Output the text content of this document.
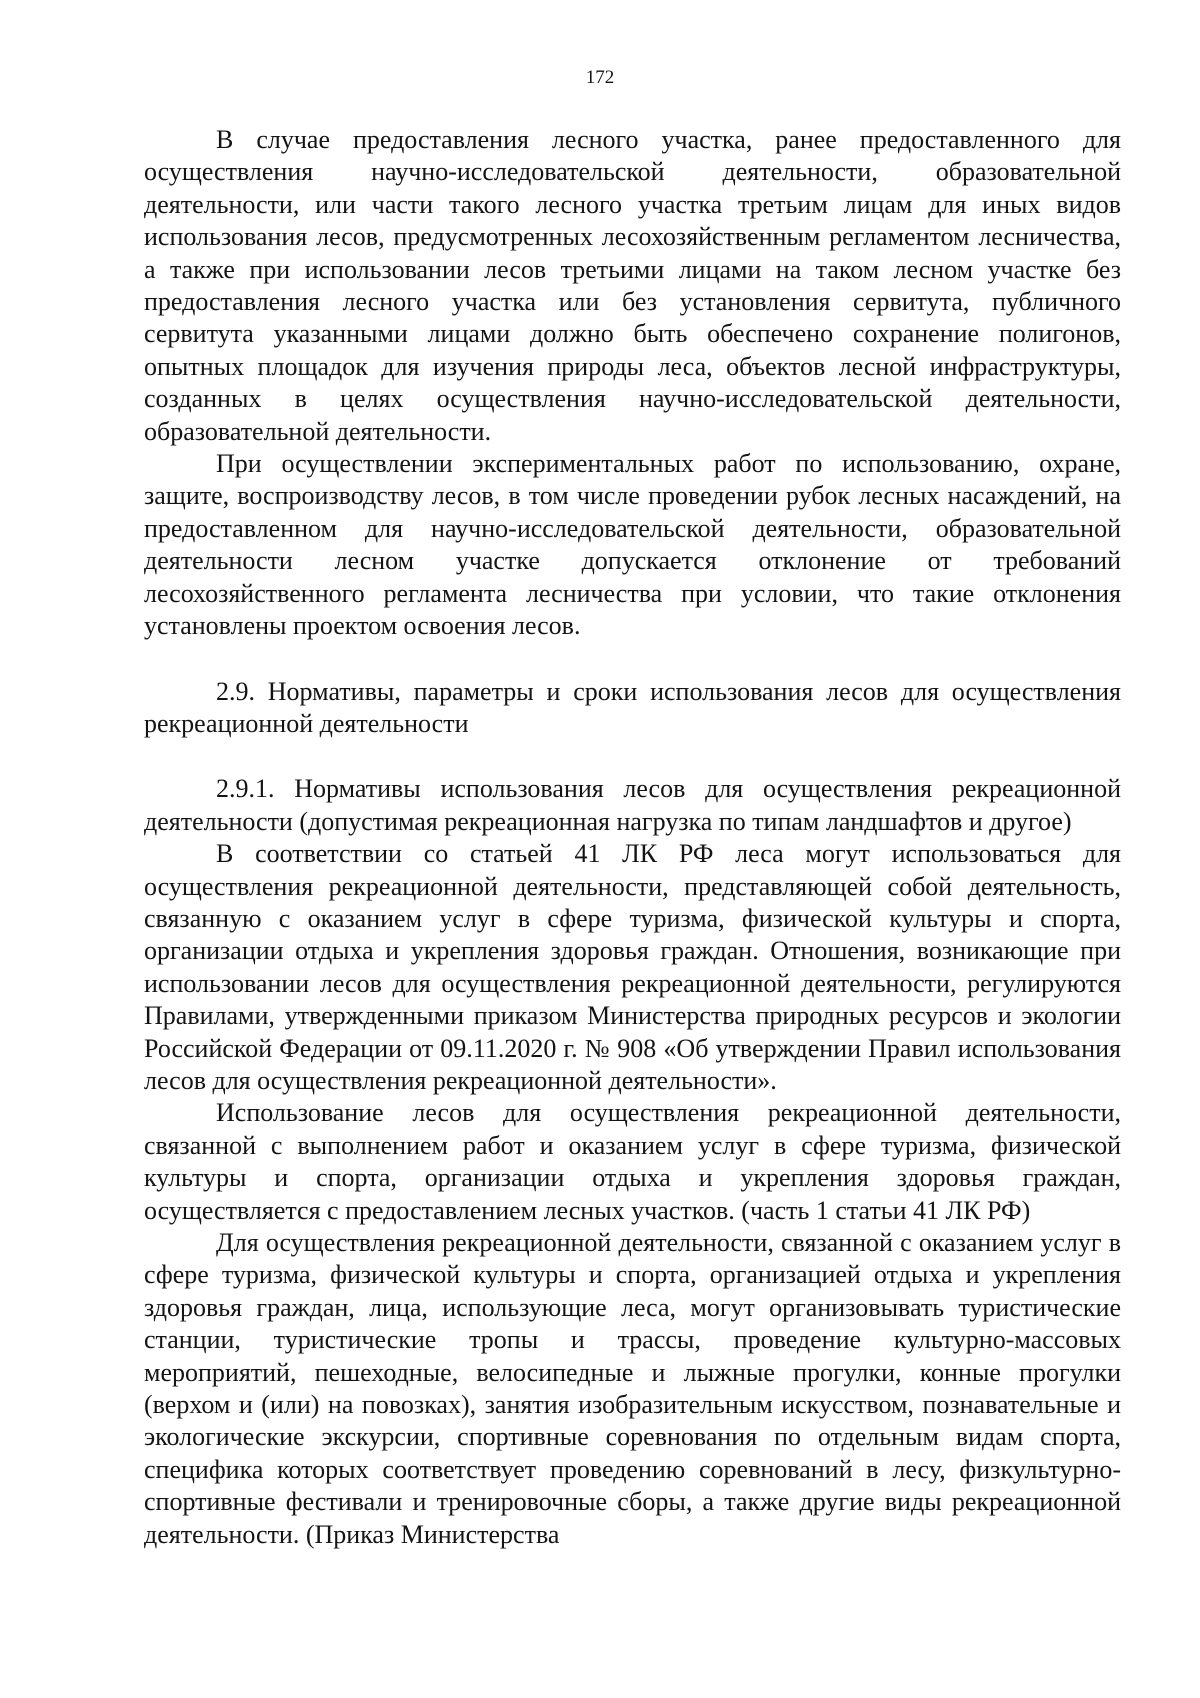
172

В случае предоставления лесного участка, ранее предоставленного для осуществления научно-исследовательской деятельности, образовательной деятельности, или части такого лесного участка третьим лицам для иных видов использования лесов, предусмотренных лесохозяйственным регламентом лесничества, а также при использовании лесов третьими лицами на таком лесном участке без предоставления лесного участка или без установления сервитута, публичного сервитута указанными лицами должно быть обеспечено сохранение полигонов, опытных площадок для изучения природы леса, объектов лесной инфраструктуры, созданных в целях осуществления научно-исследовательской деятельности, образовательной деятельности.

При осуществлении экспериментальных работ по использованию, охране, защите, воспроизводству лесов, в том числе проведении рубок лесных насаждений, на предоставленном для научно-исследовательской деятельности, образовательной деятельности лесном участке допускается отклонение от требований лесохозяйственного регламента лесничества при условии, что такие отклонения установлены проектом освоения лесов.

2.9. Нормативы, параметры и сроки использования лесов для осуществления рекреационной деятельности

2.9.1. Нормативы использования лесов для осуществления рекреационной деятельности (допустимая рекреационная нагрузка по типам ландшафтов и другое)

В соответствии со статьей 41 ЛК РФ леса могут использоваться для осуществления рекреационной деятельности, представляющей собой деятельность, связанную с оказанием услуг в сфере туризма, физической культуры и спорта, организации отдыха и укрепления здоровья граждан. Отношения, возникающие при использовании лесов для осуществления рекреационной деятельности, регулируются Правилами, утвержденными приказом Министерства природных ресурсов и экологии Российской Федерации от 09.11.2020 г. № 908 «Об утверждении Правил использования лесов для осуществления рекреационной деятельности».

Использование лесов для осуществления рекреационной деятельности, связанной с выполнением работ и оказанием услуг в сфере туризма, физической культуры и спорта, организации отдыха и укрепления здоровья граждан, осуществляется с предоставлением лесных участков. (часть 1 статьи 41 ЛК РФ)

Для осуществления рекреационной деятельности, связанной с оказанием услуг в сфере туризма, физической культуры и спорта, организацией отдыха и укрепления здоровья граждан, лица, использующие леса, могут организовывать туристические станции, туристические тропы и трассы, проведение культурно-массовых мероприятий, пешеходные, велосипедные и лыжные прогулки, конные прогулки (верхом и (или) на повозках), занятия изобразительным искусством, познавательные и экологические экскурсии, спортивные соревнования по отдельным видам спорта, специфика которых соответствует проведению соревнований в лесу, физкультурно-спортивные фестивали и тренировочные сборы, а также другие виды рекреационной деятельности. (Приказ Министерства
